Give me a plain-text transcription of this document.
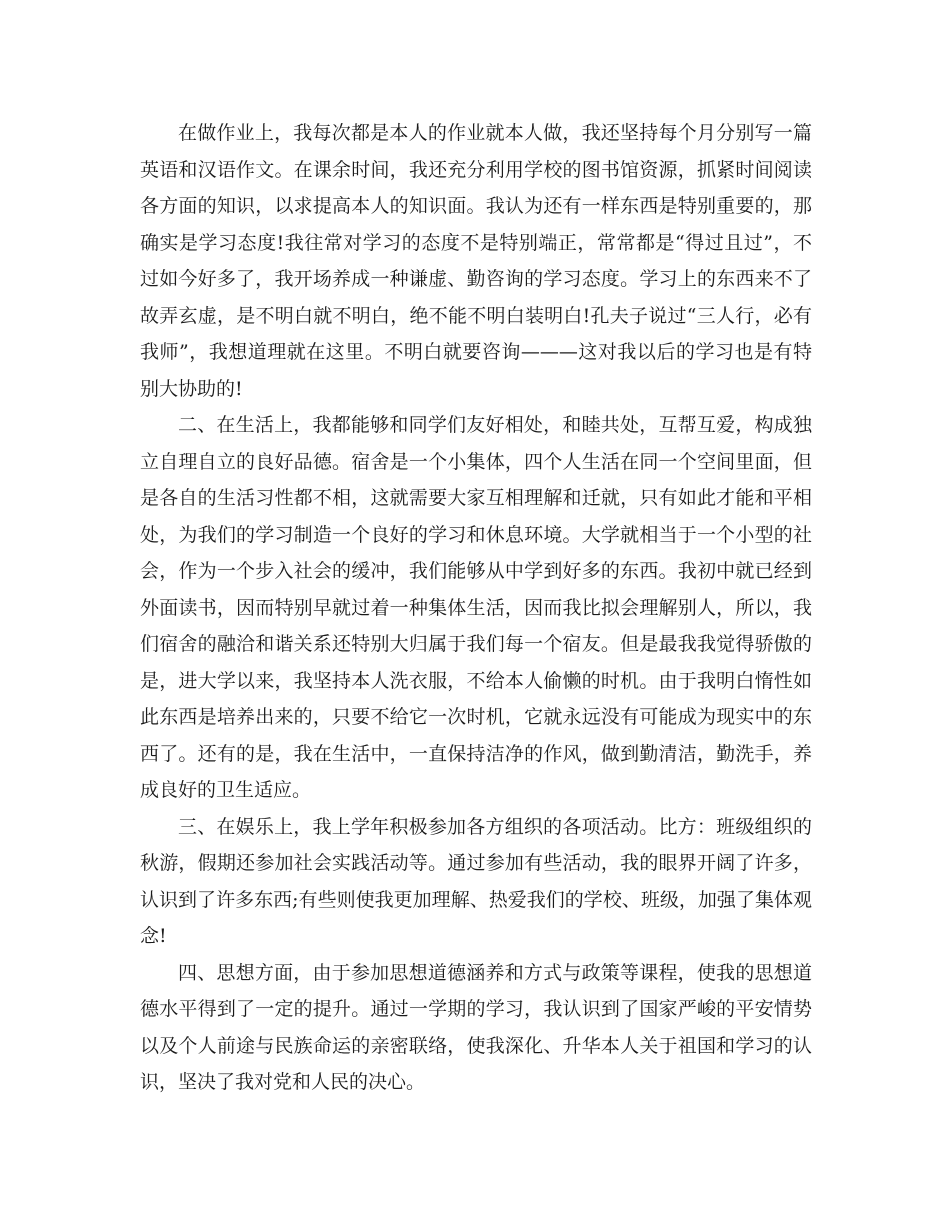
在做作业上，我每次都是本人的作业就本人做，我还坚持每个月分别写一篇英语和汉语作文。在课余时间，我还充分利用学校的图书馆资源，抓紧时间阅读各方面的知识，以求提高本人的知识面。我认为还有一样东西是特别重要的，那确实是学习态度!我往常对学习的态度不是特别端正，常常都是“得过且过”，不过如今好多了，我开场养成一种谦虚、勤咨询的学习态度。学习上的东西来不了故弄玄虚，是不明白就不明白，绝不能不明白装明白!孔夫子说过“三人行，必有我师”，我想道理就在这里。不明白就要咨询———这对我以后的学习也是有特别大协助的!

二、在生活上，我都能够和同学们友好相处，和睦共处，互帮互爱，构成独立自理自立的良好品德。宿舍是一个小集体，四个人生活在同一个空间里面，但是各自的生活习性都不相，这就需要大家互相理解和迁就，只有如此才能和平相处，为我们的学习制造一个良好的学习和休息环境。大学就相当于一个小型的社会，作为一个步入社会的缓冲，我们能够从中学到好多的东西。我初中就已经到外面读书，因而特别早就过着一种集体生活，因而我比拟会理解别人，所以，我们宿舍的融洽和谐关系还特别大归属于我们每一个宿友。但是最我我觉得骄傲的是，进大学以来，我坚持本人洗衣服，不给本人偷懒的时机。由于我明白惰性如此东西是培养出来的，只要不给它一次时机，它就永远没有可能成为现实中的东西了。还有的是，我在生活中，一直保持洁净的作风，做到勤清洁，勤洗手，养成良好的卫生适应。

三、在娱乐上，我上学年积极参加各方组织的各项活动。比方：班级组织的秋游，假期还参加社会实践活动等。通过参加有些活动，我的眼界开阔了许多，认识到了许多东西;有些则使我更加理解、热爱我们的学校、班级，加强了集体观念!

四、思想方面，由于参加思想道德涵养和方式与政策等课程，使我的思想道德水平得到了一定的提升。通过一学期的学习，我认识到了国家严峻的平安情势以及个人前途与民族命运的亲密联络，使我深化、升华本人关于祖国和学习的认识，坚决了我对党和人民的决心。
